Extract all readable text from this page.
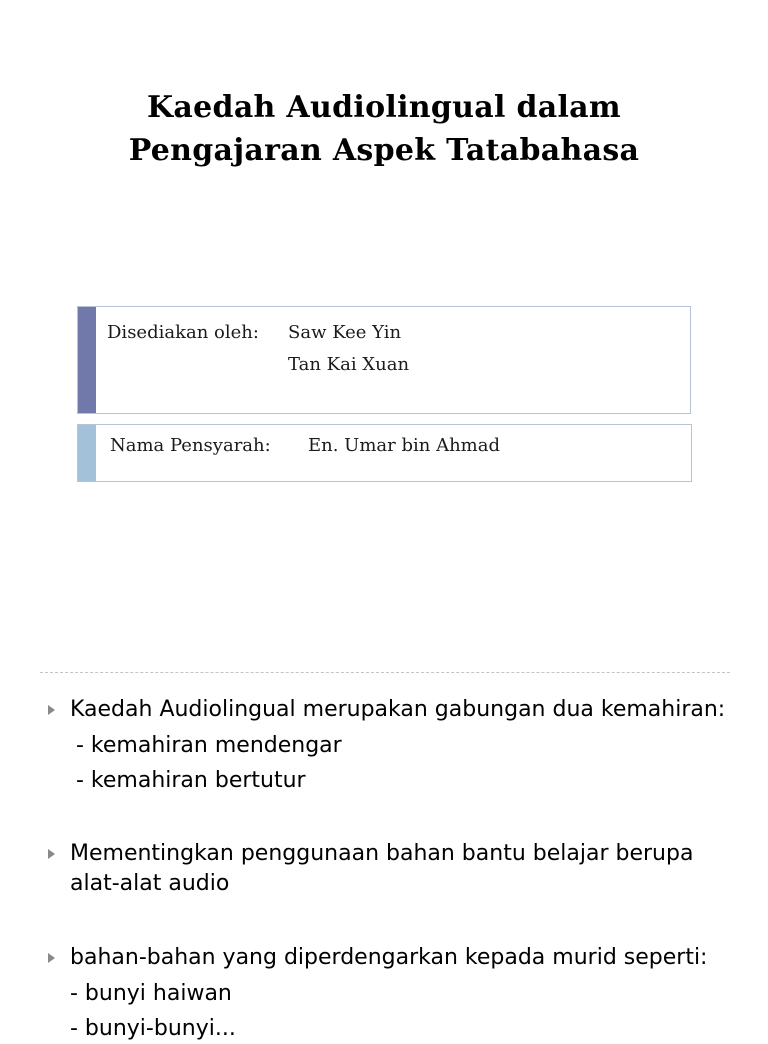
Kaedah Audiolingual dalam
Pengajaran Aspek Tatabahasa
Disediakan oleh: Saw Kee Yin
Tan Kai Xuan
Nama Pensyarah: En. Umar bin Ahmad
Kaedah Audiolingual merupakan gabungan dua kemahiran:
- kemahiran mendengar
- kemahiran bertutur
Mementingkan penggunaan bahan bantu belajar berupa
alat-alat audio
bahan-bahan yang diperdengarkan kepada murid seperti:
- bunyi haiwan
- bunyi-bunyi...
